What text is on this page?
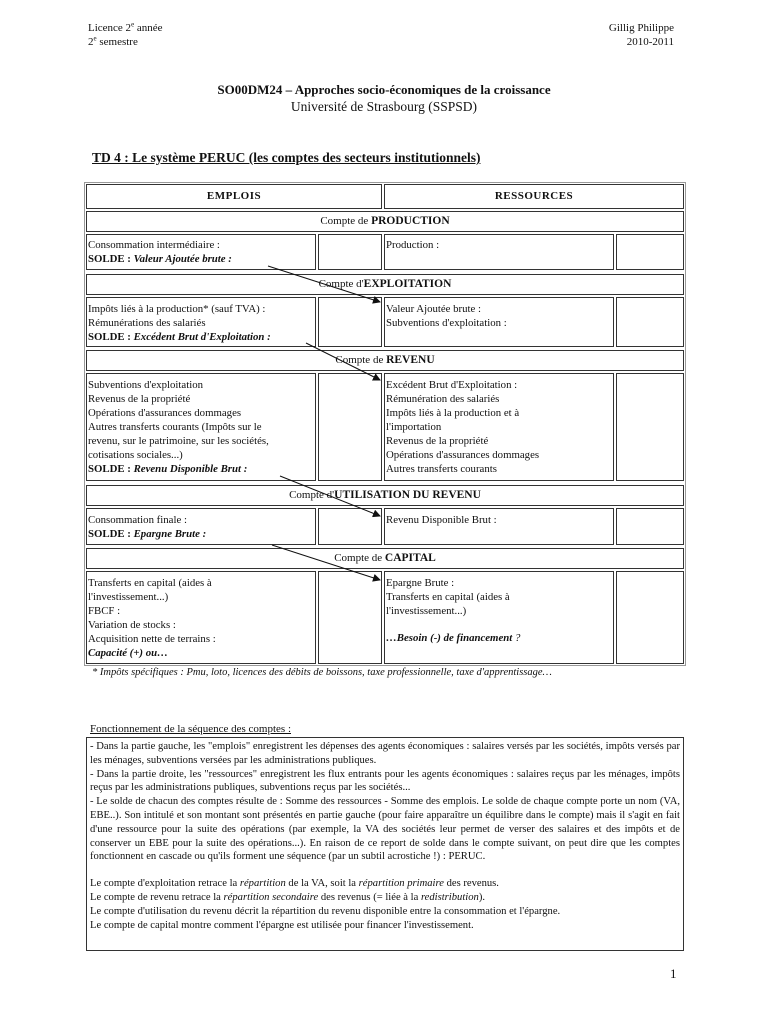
Licence 2e année
2e semestre
Gillig Philippe
2010-2011
SO00DM24 – Approches socio-économiques de la croissance
Université de Strasbourg (SSPSD)
TD 4 : Le système PERUC (les comptes des secteurs institutionnels)
EMPLOIS	RESSOURCES
Compte de PRODUCTION
Consommation intermédiaire :
SOLDE : Valeur Ajoutée brute :
Production :
Compte d'EXPLOITATION
Impôts liés à la production* (sauf TVA) :
Rémunérations des salariés
SOLDE : Excédent Brut d'Exploitation :
Valeur Ajoutée brute :
Subventions d'exploitation :
Compte de REVENU
Subventions d'exploitation
Revenus de la propriété
Opérations d'assurances dommages
Autres transferts courants (Impôts sur le
revenu, sur le patrimoine, sur les sociétés,
cotisations sociales...)
SOLDE : Revenu Disponible Brut :
Excédent Brut d'Exploitation :
Rémunération des salariés
Impôts liés à la production et à
l'importation
Revenus de la propriété
Opérations d'assurances dommages
Autres transferts courants
Compte d'UTILISATION DU REVENU
Consommation finale :
SOLDE : Epargne Brute :
Revenu Disponible Brut :
Compte de CAPITAL
Transferts en capital (aides à
l'investissement...)
FBCF :
Variation de stocks :
Acquisition nette de terrains :
Capacité (+) ou…
Epargne Brute :
Transferts en capital (aides à
l'investissement...)
…Besoin (-) de financement ?
* Impôts spécifiques : Pmu, loto, licences des débits de boissons, taxe professionnelle, taxe d'apprentissage…
Fonctionnement de la séquence des comptes :

- Dans la partie gauche, les "emplois" enregistrent les dépenses des agents économiques : salaires versés par les sociétés, impôts versés par les ménages, subventions versées par les administrations publiques.

- Dans la partie droite, les "ressources" enregistrent les flux entrants pour les agents économiques : salaires reçus par les ménages, impôts reçus par les administrations publiques, subventions reçus par les sociétés...

- Le solde de chacun des comptes résulte de : Somme des ressources - Somme des emplois. Le solde de chaque compte porte un nom (VA, EBE..). Son intitulé et son montant sont présentés en partie gauche (pour faire apparaître un équilibre dans le compte) mais il s'agit en fait d'une ressource pour la suite des opérations (par exemple, la VA des sociétés leur permet de verser des salaires et des impôts et de conserver un EBE pour la suite des opérations...). En raison de ce report de solde dans le compte suivant, on peut dire que les comptes fonctionnent en cascade ou qu'ils forment une séquence (par un subtil acrostiche !) : PERUC.

Le compte d'exploitation retrace la répartition de la VA, soit la répartition primaire des revenus.

Le compte de revenu retrace la répartition secondaire des revenus (= liée à la redistribution).

Le compte d'utilisation du revenu décrit la répartition du revenu disponible entre la consommation et l'épargne.

Le compte de capital montre comment l'épargne est utilisée pour financer l'investissement.

1
